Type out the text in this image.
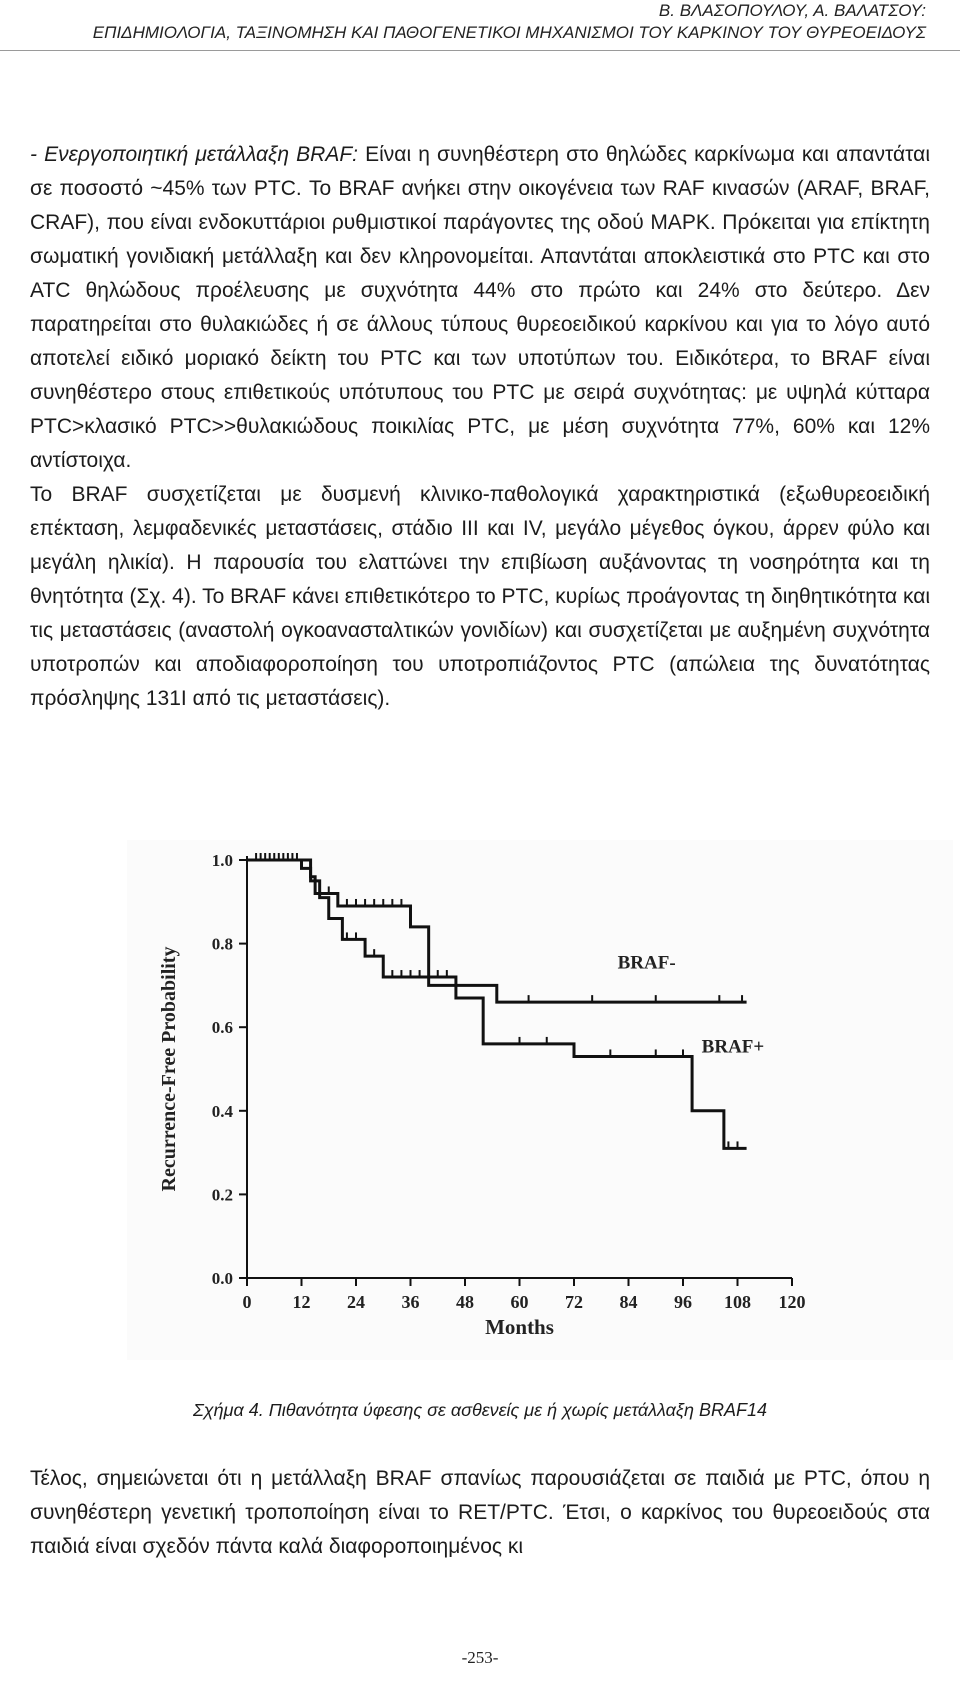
Β. ΒΛΑΣΟΠΟΥΛΟΥ, Α. ΒΑΛΑΤΣΟΥ:
ΕΠΙΔΗΜΙΟΛΟΓΙΑ, ΤΑΞΙΝΟΜΗΣΗ ΚΑΙ ΠΑΘΟΓΕΝΕΤΙΚΟΙ ΜΗΧΑΝΙΣΜΟΙ ΤΟΥ ΚΑΡΚΙΝΟΥ ΤΟΥ ΘΥΡΕΟΕΙΔΟΥΣ

- Ενεργοποιητική μετάλλαξη BRAF: Είναι η συνηθέστερη στο θηλώδες καρκίνωμα και απαντάται σε ποσοστό ~45% των PTC. Το BRAF ανήκει στην οικογένεια των RAF κινασών (ARAF, BRAF, CRAF), που είναι ενδοκυττάριοι ρυθμιστικοί παράγοντες της οδού MAPK. Πρόκειται για επίκτητη σωματική γονιδιακή μετάλλαξη και δεν κληρονομείται. Απαντάται αποκλειστικά στο PTC και στο ATC θηλώδους προέλευσης με συχνότητα 44% στο πρώτο και 24% στο δεύτερο. Δεν παρατηρείται στο θυλακιώδες ή σε άλλους τύπους θυρεοειδικού καρκίνου και για το λόγο αυτό αποτελεί ειδικό μοριακό δείκτη του PTC και των υποτύπων του. Ειδικότερα, το BRAF είναι συνηθέστερο στους επιθετικούς υπότυπους του PTC με σειρά συχνότητας: με υψηλά κύτταρα PTC>κλασικό PTC>>θυλακιώδους ποικιλίας PTC, με μέση συχνότητα 77%, 60% και 12% αντίστοιχα.

Το BRAF συσχετίζεται με δυσμενή κλινικο-παθολογικά χαρακτηριστικά (εξωθυρεοειδική επέκταση, λεμφαδενικές μεταστάσεις, στάδιο III και IV, μεγάλο μέγεθος όγκου, άρρεν φύλο και μεγάλη ηλικία). Η παρουσία του ελαττώνει την επιβίωση αυξάνοντας τη νοσηρότητα και τη θνητότητα (Σχ. 4). Το BRAF κάνει επιθετικότερο το PTC, κυρίως προάγοντας τη διηθητικότητα και τις μεταστάσεις (αναστολή ογκοανασταλτικών γονιδίων) και συσχετίζεται με αυξημένη συχνότητα υποτροπών και αποδιαφοροποίηση του υποτροπιάζοντος PTC (απώλεια της δυνατότητας πρόσληψης 131I από τις μεταστάσεις).

0.0
0.2
0.4
0.6
0.8
1.0
0 12 24 36 48 60 72 84 96 108 120
Months
Recurrence-Free Probability	BRAF-
BRAF+
Σχήμα 4. Πιθανότητα ύφεσης σε ασθενείς με ή χωρίς μετάλλαξη BRAF14

Τέλος, σημειώνεται ότι η μετάλλαξη BRAF σπανίως παρουσιάζεται σε παιδιά με PTC, όπου η συνηθέστερη γενετική τροποποίηση είναι το RET/PTC. Έτσι, ο καρκίνος του θυρεοειδούς στα παιδιά είναι σχεδόν πάντα καλά διαφοροποιημένος κι

-253-
